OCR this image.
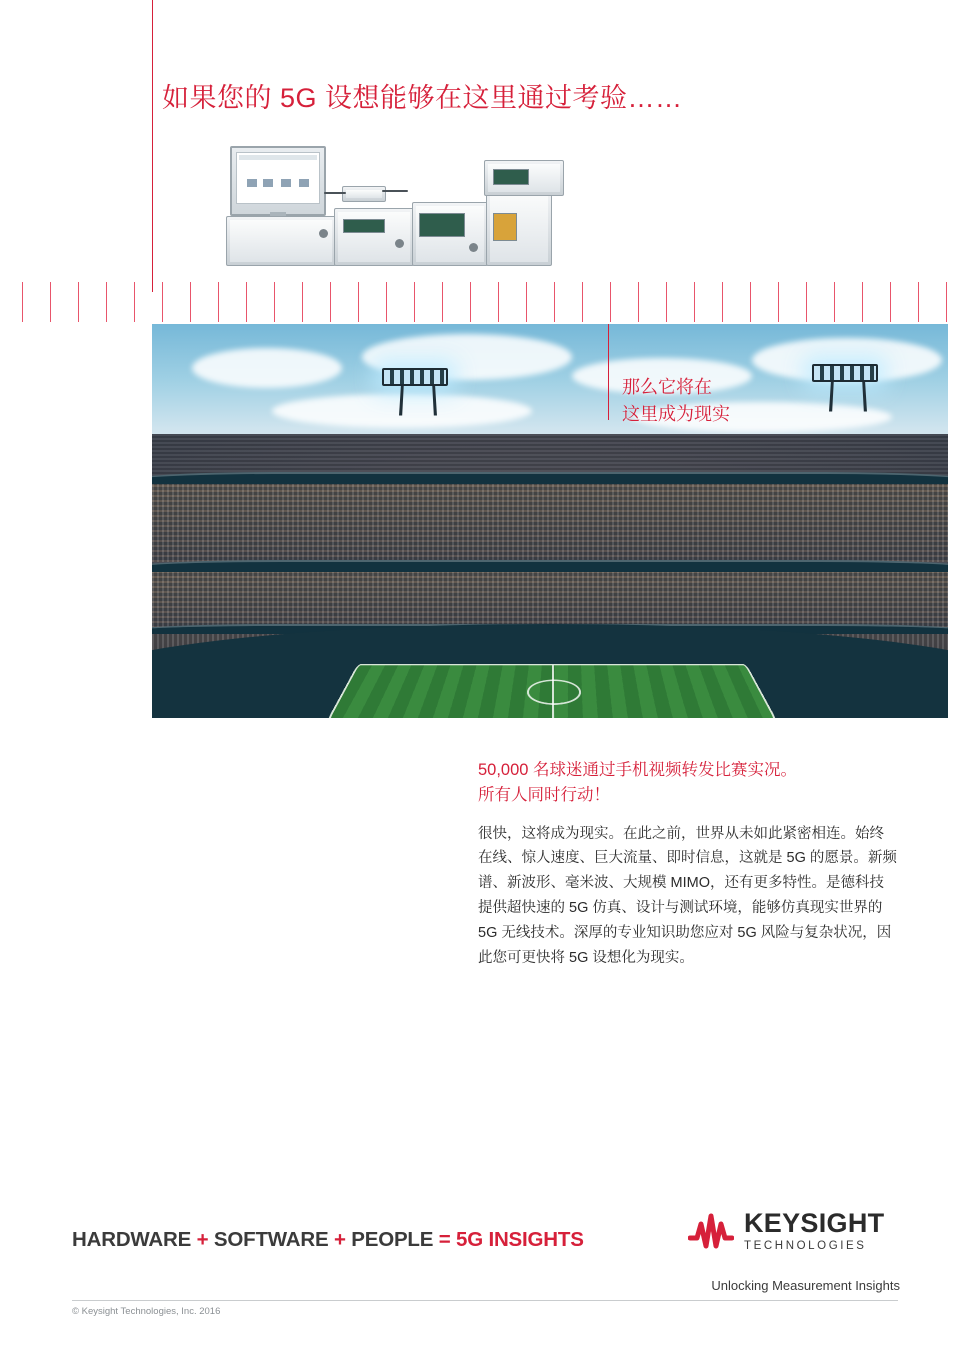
如果您的 5G 设想能够在这里通过考验……
那么它将在
这里成为现实
50,000 名球迷通过手机视频转发比赛实况。
所有人同时行动！

很快，这将成为现实。在此之前，世界从未如此紧密相连。始终在线、惊人速度、巨大流量、即时信息，这就是 5G 的愿景。新频谱、新波形、毫米波、大规模 MIMO，还有更多特性。是德科技提供超快速的 5G 仿真、设计与测试环境，能够仿真现实世界的 5G 无线技术。深厚的专业知识助您应对 5G 风险与复杂状况，因此您可更快将 5G 设想化为现实。

HARDWARE + SOFTWARE + PEOPLE = 5G INSIGHTS
KEYSIGHT
TECHNOLOGIES
Unlocking Measurement Insights
© Keysight Technologies, Inc. 2016
